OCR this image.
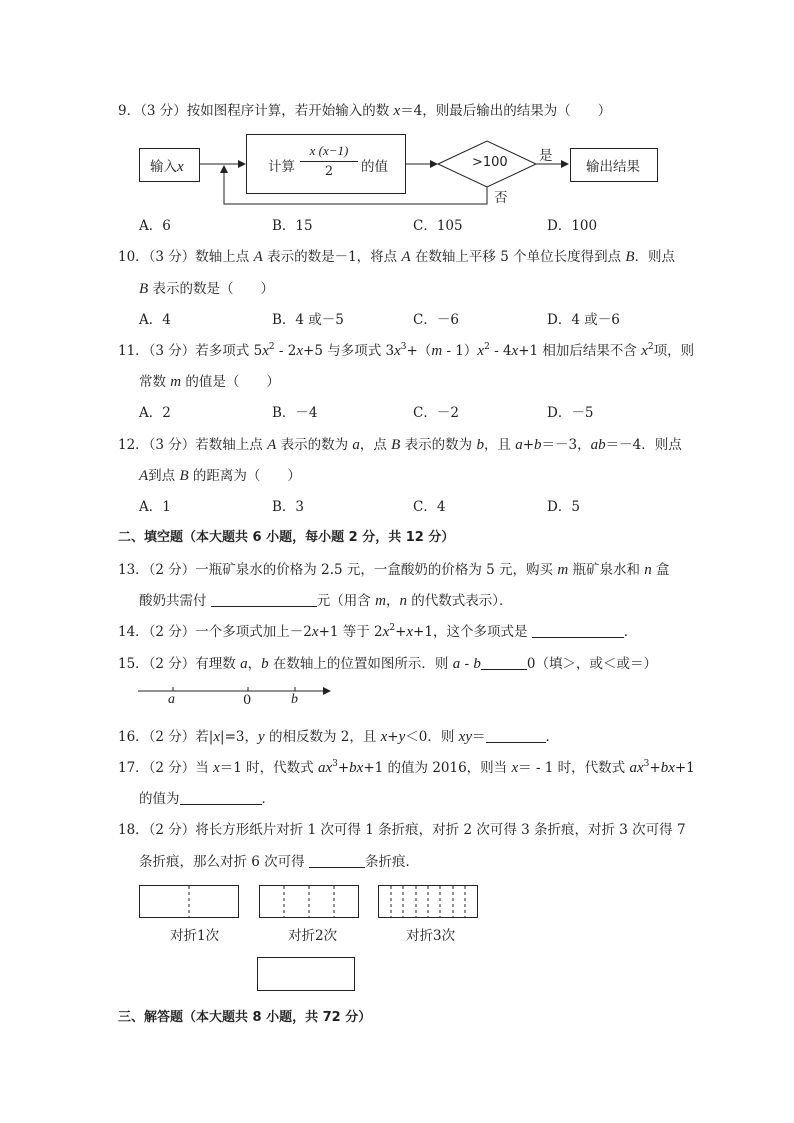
9．（3 分）按如图程序计算，若开始输入的数 x＝4，则最后输出的结果为（　　）
输入x	计算
x (x−1)
2	的值	>100 是
否
输出结果
A．6	B．15	C．105	D．100
10．（3 分）数轴上点 A 表示的数是－1，将点 A 在数轴上平移 5 个单位长度得到点 B．则点
B 表示的数是（　　）
A．4	B．4 或－5	C．－6	D．4 或－6
11．（3 分）若多项式 $5x^2 - 2x+5$ 与多项式 $3x^3+(m - 1)x^2 - 4x+1$ 相加后结果不含 $x^2$项，则
常数 m 的值是（　　）
A．2	B．－4	C．－2	D．－5
12．（3 分）若数轴上点 A 表示的数为 a，点 B 表示的数为 b，且 a+b＝－3，ab＝－4．则点
A到点 B 的距离为（　　）
A．1	B．3	C．4	D．5
二、填空题（本大题共 6 小题，每小题 2 分，共 12 分）
13．（2 分）一瓶矿泉水的价格为 2.5 元，一盒酸奶的价格为 5 元，购买 m 瓶矿泉水和 n 盒
酸奶共需付	元（用含 m，n 的代数式表示）．
14．（2 分）一个多项式加上－2x+1 等于 $2x^2+x+1$，这个多项式是	．
15．（2 分）有理数 a，b 在数轴上的位置如图所示．则 a - b	0（填＞，或＜或＝）
a	0	b
16．（2 分）若|x|=3，y 的相反数为 2，且 x+y＜0．则 xy＝	．
17．（2 分）当 x＝1 时，代数式 $ax^3+bx+1$ 的值为 2016，则当 x＝ - 1 时，代数式 $ax^3+bx+1$
的值为	．
18．（2 分）将长方形纸片对折 1 次可得 1 条折痕，对折 2 次可得 3 条折痕，对折 3 次可得 7
条折痕，那么对折 6 次可得	条折痕．
对折1次	对折2次	对折3次
三、解答题（本大题共 8 小题，共 72 分）
